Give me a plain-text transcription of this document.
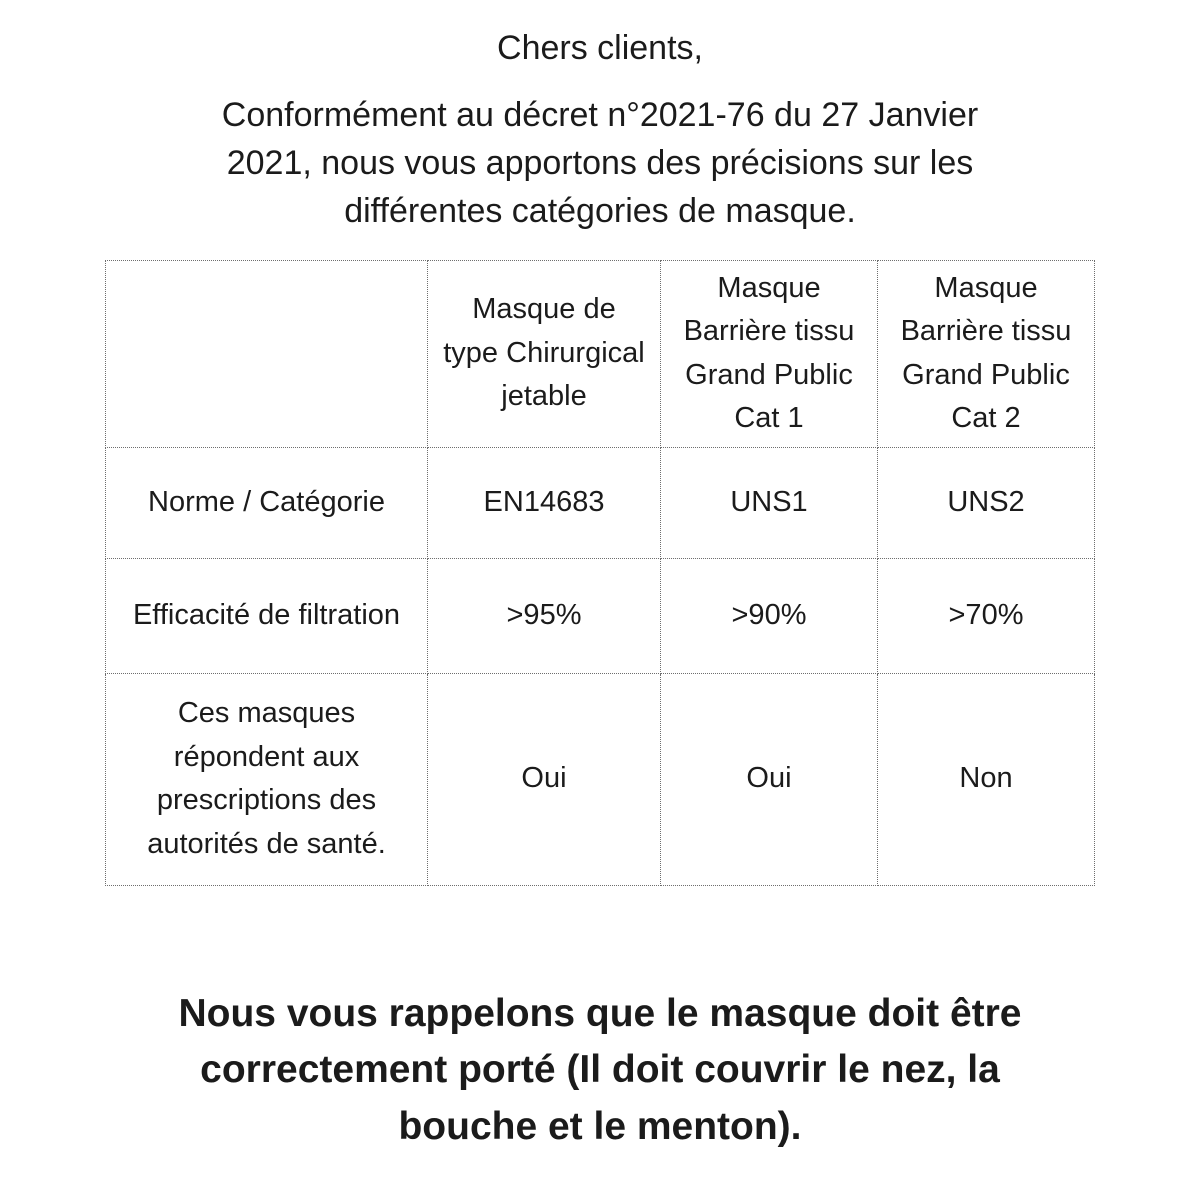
Chers clients,
Conformément au décret n°2021-76 du 27 Janvier 2021, nous vous apportons des précisions sur les différentes catégories de masque.
	Masque de type Chirurgical jetable	Masque Barrière tissu Grand Public Cat 1	Masque Barrière tissu Grand Public Cat 2
Norme / Catégorie	EN14683	UNS1	UNS2
Efficacité de filtration	>95%	>90%	>70%
Ces masques répondent aux prescriptions des autorités de santé.	Oui	Oui	Non
Nous vous rappelons que le masque doit être correctement porté (Il doit couvrir le nez, la bouche et le menton).
